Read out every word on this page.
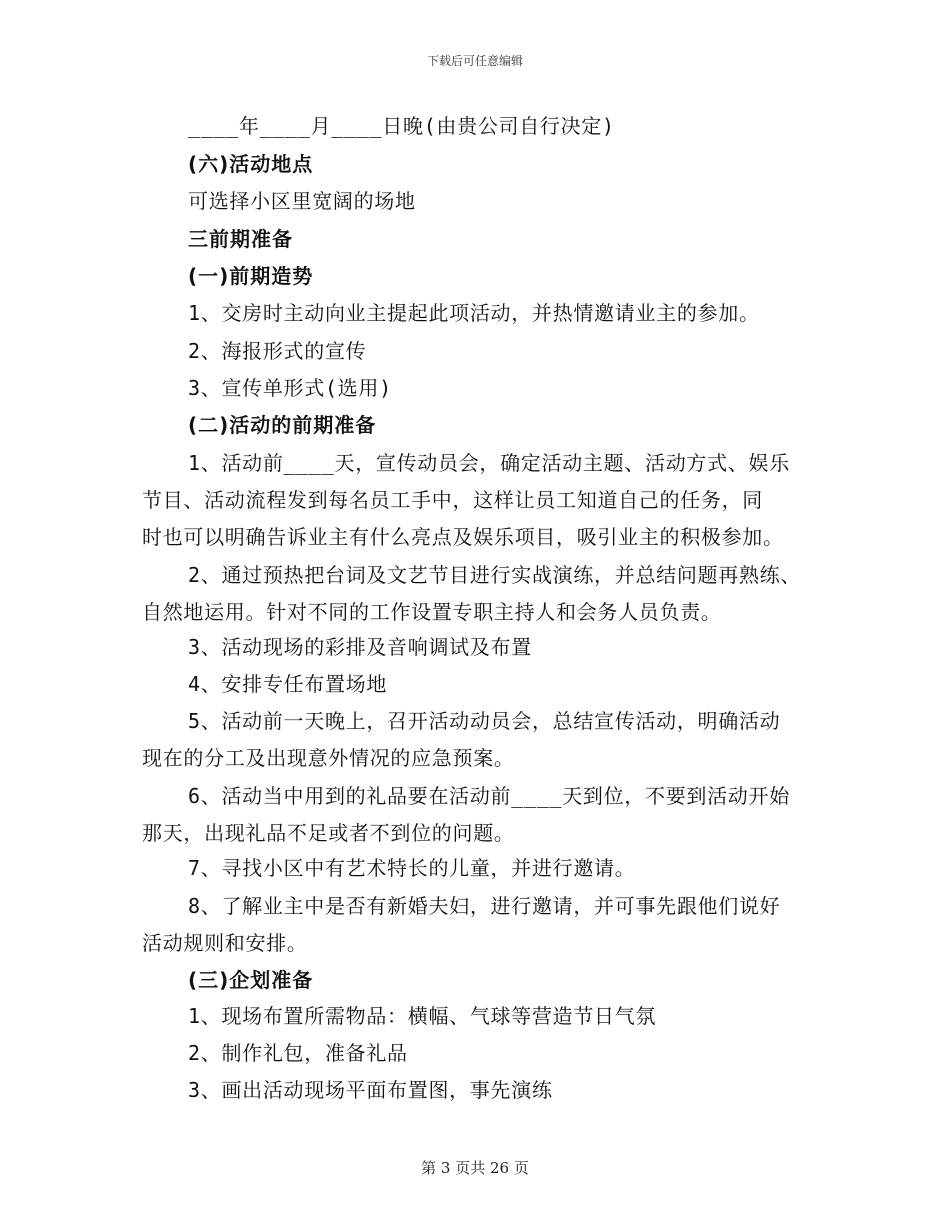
下载后可任意编辑
____年____月____日晚(由贵公司自行决定)
(六)活动地点
可选择小区里宽阔的场地
三前期准备
(一)前期造势
1、交房时主动向业主提起此项活动，并热情邀请业主的参加。
2、海报形式的宣传
3、宣传单形式(选用)
(二)活动的前期准备
1、活动前____天，宣传动员会，确定活动主题、活动方式、娱乐
节目、活动流程发到每名员工手中，这样让员工知道自己的任务，同
时也可以明确告诉业主有什么亮点及娱乐项目，吸引业主的积极参加。
2、通过预热把台词及文艺节目进行实战演练，并总结问题再熟练、
自然地运用。针对不同的工作设置专职主持人和会务人员负责。
3、活动现场的彩排及音响调试及布置
4、安排专任布置场地
5、活动前一天晚上，召开活动动员会，总结宣传活动，明确活动
现在的分工及出现意外情况的应急预案。
6、活动当中用到的礼品要在活动前____天到位，不要到活动开始
那天，出现礼品不足或者不到位的问题。
7、寻找小区中有艺术特长的儿童，并进行邀请。
8、了解业主中是否有新婚夫妇，进行邀请，并可事先跟他们说好
活动规则和安排。
(三)企划准备
1、现场布置所需物品：横幅、气球等营造节日气氛
2、制作礼包，准备礼品
3、画出活动现场平面布置图，事先演练
第 3 页共 26 页
